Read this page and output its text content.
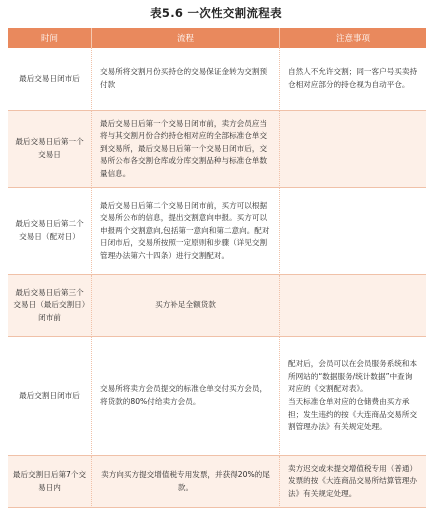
表5.6 一次性交割流程表
时间	流程	注意事项
最后交易日闭市后	交易所将交割月份买持仓的交易保证金转为交割预付款	自然人不允许交割；同一客户号买卖持仓相对应部分的持仓视为自动平仓。
最后交易日后第一个交易日	最后交易日后第一个交易日闭市前，卖方会员应当将与其交割月份合约持仓相对应的全部标准仓单交到交易所，最后交易日后第一个交易日闭市后，交易所公布各交割仓库或分库交割品种与标准仓单数量信息。	
最后交易日后第二个交易日（配对日）	最后交易日后第二个交易日闭市前，买方可以根据交易所公布的信息，提出交割意向申报。买方可以申报两个交割意向,包括第一意向和第二意向。配对日闭市后，交易所按照一定原则和步骤（详见交割管理办法第六十四条）进行交割配对。	
最后交易日后第三个交易日（最后交割日）闭市前	买方补足全额货款	
最后交割日闭市后	交易所将卖方会员提交的标准仓单交付买方会员，将货款的80%付给卖方会员。	配对后，会员可以在会员服务系统和本所网站的“数据服务/统计数据”中查询对应的《交割配对表》。
当天标准仓单对应的仓储费由买方承担；发生违约的按《大连商品交易所交割管理办法》有关规定处理。
最后交割日后第7个交易日内	卖方向买方提交增值税专用发票，并获得20%的尾款。	卖方迟交或未提交增值税专用（普通）发票的按《大连商品交易所结算管理办法》有关规定处理。
